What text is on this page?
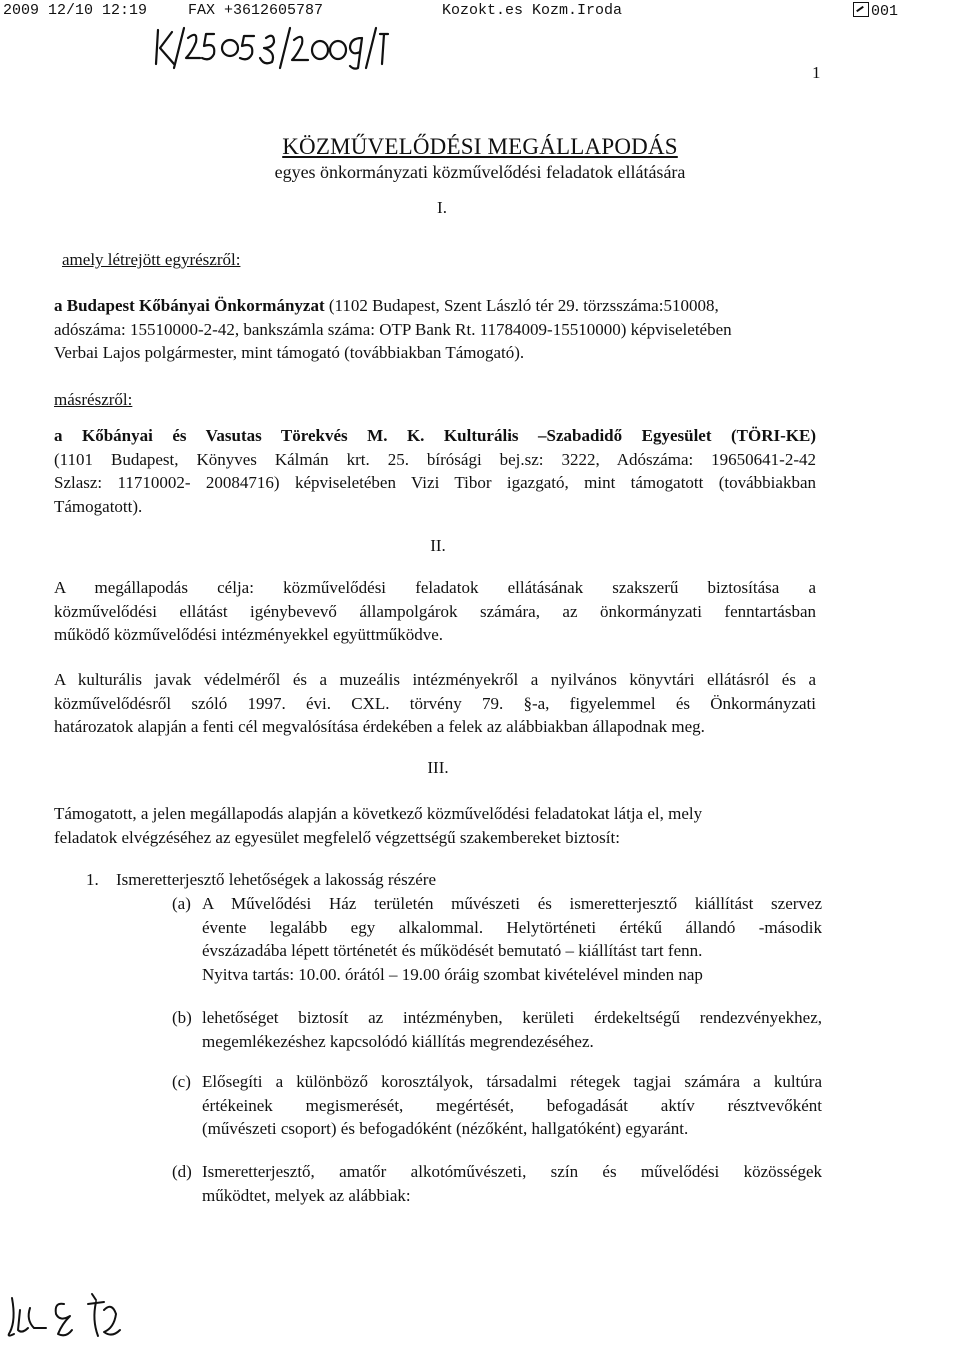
2009 12/10 12:19	FAX +3612605787	Kozokt.es Kozm.Iroda	001
1
KÖZMŰVELŐDÉSI MEGÁLLAPODÁS
egyes önkormányzati közművelődési feladatok ellátására
I.
amely létrejött egyrészről:
a Budapest Kőbányai Önkormányzat (1102 Budapest, Szent László tér 29. törzsszáma:510008,
adószáma: 15510000-2-42, bankszámla száma: OTP Bank Rt. 11784009-15510000) képviseletében
Verbai Lajos polgármester, mint támogató (továbbiakban Támogató).
másrészről:
a Kőbányai és Vasutas Törekvés M. K. Kulturális –Szabadidő Egyesület (TÖRI-KE)
(1101 Budapest, Könyves Kálmán krt. 25. bírósági bej.sz: 3222, Adószáma: 19650641-2-42
Szlasz: 11710002- 20084716) képviseletében Vizi Tibor igazgató, mint támogatott (továbbiakban
Támogatott).
II.
A megállapodás célja: közművelődési feladatok ellátásának szakszerű biztosítása a
közművelődési ellátást igénybevevő állampolgárok számára, az önkormányzati fenntartásban
működő közművelődési intézményekkel együttműködve.
A kulturális javak védelméről és a muzeális intézményekről a nyilvános könyvtári ellátásról és a
közművelődésről szóló 1997. évi. CXL. törvény 79. §-a, figyelemmel és Önkormányzati
határozatok alapján a fenti cél megvalósítása érdekében a felek az alábbiakban állapodnak meg.
III.
Támogatott, a jelen megállapodás alapján a következő közművelődési feladatokat látja el, mely
feladatok elvégzéséhez az egyesület megfelelő végzettségű szakembereket biztosít:
1. Ismeretterjesztő lehetőségek a lakosság részére
(a) A Művelődési Ház területén művészeti és ismeretterjesztő kiállítást szervez
évente legalább egy alkalommal. Helytörténeti értékű állandó -második
évszázadába lépett történetét és működését bemutató – kiállítást tart fenn.
Nyitva tartás: 10.00. órától – 19.00 óráig szombat kivételével minden nap
(b) lehetőséget biztosít az intézményben, kerületi érdekeltségű rendezvényekhez,
megemlékezéshez kapcsolódó kiállítás megrendezéséhez.
(c) Elősegíti a különböző korosztályok, társadalmi rétegek tagjai számára a kultúra
értékeinek megismerését, megértését, befogadását aktív résztvevőként
(művészeti csoport) és befogadóként (nézőként, hallgatóként) egyaránt.
(d) Ismeretterjesztő, amatőr alkotóművészeti, szín és művelődési közösségek
működtet, melyek az alábbiak:
